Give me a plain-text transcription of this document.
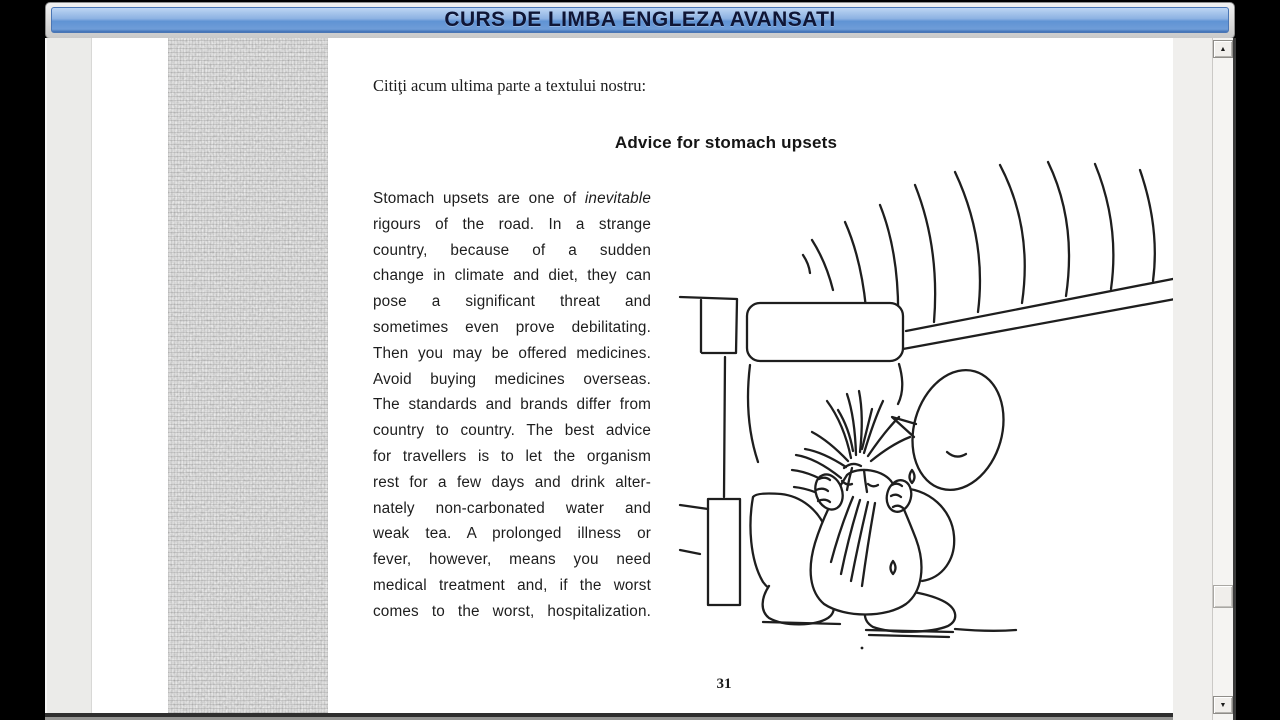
CURS DE LIMBA ENGLEZA AVANSATI
Citiţi acum ultima parte a textului nostru:
Advice for stomach upsets
Stomach upsets are one of inevitable
rigours of the road. In a strange
country, because of a sudden
change in climate and diet, they can
pose a significant threat and
sometimes even prove debilitating.
Then you may be offered medicines.
Avoid buying medicines overseas.
The standards and brands differ from
country to country. The best advice
for travellers is to let the organism
rest for a few days and drink alter-
nately non-carbonated water and
weak tea. A prolonged illness or
fever, however, means you need
medical treatment and, if the worst
comes to the worst, hospitalization.
31
▲
▼
